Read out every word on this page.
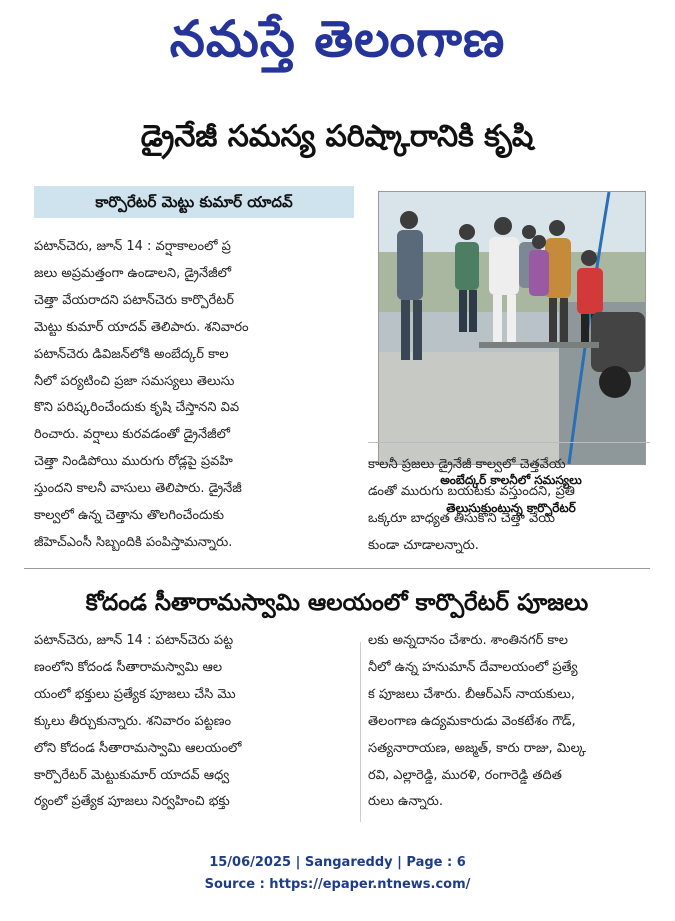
నమస్తే తెలంగాణ
డ్రైనేజీ సమస్య పరిష్కారానికి కృషి
కార్పొరేటర్ మెట్టు కుమార్ యాదవ్

పటాన్‌చెరు, జూన్ 14 : వర్షాకాలంలో ప్ర

జలు అప్రమత్తంగా ఉండాలని, డ్రైనేజీలో

చెత్తా వేయరాదని పటాన్‌చెరు కార్పొరేటర్

మెట్టు కుమార్ యాదవ్ తెలిపారు. శనివారం

పటాన్‌చెరు డివిజన్‌లోకి అంబేద్కర్ కాల

నీలో పర్యటించి ప్రజా సమస్యలు తెలుసు

కొని పరిష్కరించేందుకు కృషి చేస్తానని వివ

రించారు. వర్షాలు కురవడంతో డ్రైనేజీలో

చెత్తా నిండిపోయి మురుగు రోడ్లపై ప్రవహి

స్తుందని కాలనీ వాసులు తెలిపారు. డ్రైనేజీ

కాల్వలో ఉన్న చెత్తాను తొలగించేందుకు

జీహెచ్ఎంసీ సిబ్బందికి పంపిస్తామన్నారు.

అంబేద్కర్ కాలనీలో సమస్యలు
తెలుసుకుంటున్న కార్పొరేటర్

కాలనీ ప్రజలు డ్రైనేజీ కాల్వలో చెత్తవేయ

డంతో మురుగు బయటకు వస్తుందని, ప్రతి

ఒక్కరూ బాధ్యత తీసుకొని చెత్తా వేయ

కుండా చూడాలన్నారు.

కోదండ సీతారామస్వామి ఆలయంలో కార్పొరేటర్ పూజలు

పటాన్‌చెరు, జూన్ 14 : పటాన్‌చెరు పట్ట

ణంలోని కోదండ సీతారామస్వామి ఆల

యంలో భక్తులు ప్రత్యేక పూజలు చేసి మొ

క్కులు తీర్చుకున్నారు. శనివారం పట్టణం

లోని కోదండ సీతారామస్వామి ఆలయంలో

కార్పొరేటర్ మెట్టుకుమార్ యాదవ్ ఆధ్వ

ర్యంలో ప్రత్యేక పూజలు నిర్వహించి భక్తు

లకు అన్నదానం చేశారు. శాంతినగర్ కాల

నీలో ఉన్న హనుమాన్ దేవాలయంలో ప్రత్యే

క పూజలు చేశారు. బీఆర్ఎస్ నాయకులు,

తెలంగాణ ఉద్యమకారుడు వెంకటేశం గౌడ్,

సత్యనారాయణ, అజ్మత్, కారు రాజు, మిల్క

రవి, ఎల్లారెడ్డి, మురళి, రంగారెడ్డి తదిత

రులు ఉన్నారు.

15/06/2025 | Sangareddy | Page : 6
Source : https://epaper.ntnews.com/
